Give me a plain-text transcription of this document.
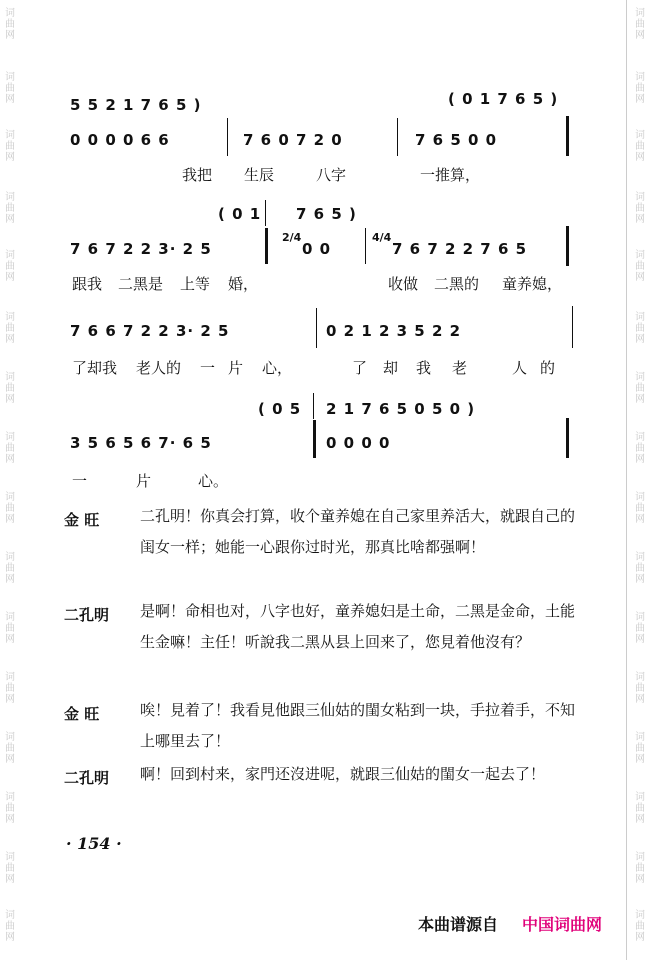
词曲网
词曲网
词曲网
词曲网
词曲网
词曲网
词曲网
词曲网
词曲网
词曲网
词曲网
词曲网
词曲网
词曲网
词曲网
词曲网
词曲网
词曲网
词曲网
词曲网
词曲网
词曲网
词曲网
词曲网
词曲网
词曲网
词曲网
词曲网
词曲网
词曲网
词曲网
词曲网
5 5 2 1 7 6 5 )	( 0 1 7 6 5 )
0 0 0 0 6 6	7 6 0 7 2 0	7 6 5 0 0
我把 生辰	八字	一推算，
( 0 1 7 6 5 )
7 6 7 2 2 3· 2 5
2/4
0 0
4/4
7 6 7 2 2 7 6 5
跟我 二黑是 上等 婚，	收做 二黑的 童养媳，
7 6 6 7 2 2 3· 2 5	0 2 1 2 3 5 2 2
了却我 老人的 一 片 心，	了 却 我 老	人 的
( 0 5 2 1 7 6 5 0 5 0 )
3 5 6 5 6 7· 6 5	0 0 0 0
一	片	心。
金 旺	二孔明！你真会打算，收个童养媳在自己家里养活大，就跟自己的闺女一样；她能一心跟你过时光，那真比啥都强啊！
二孔明 是啊！命相也对，八字也好，童养媳妇是土命，二黑是金命，土能生金嘛！主任！听說我二黑从县上回来了，您見着他沒有？
金 旺	唉！見着了！我看見他跟三仙姑的閨女粘到一块，手拉着手，不知上哪里去了！
二孔明 啊！回到村来，家門还沒进呢，就跟三仙姑的閨女一起去了！
· 154 ·
本曲谱源自 中国词曲网
